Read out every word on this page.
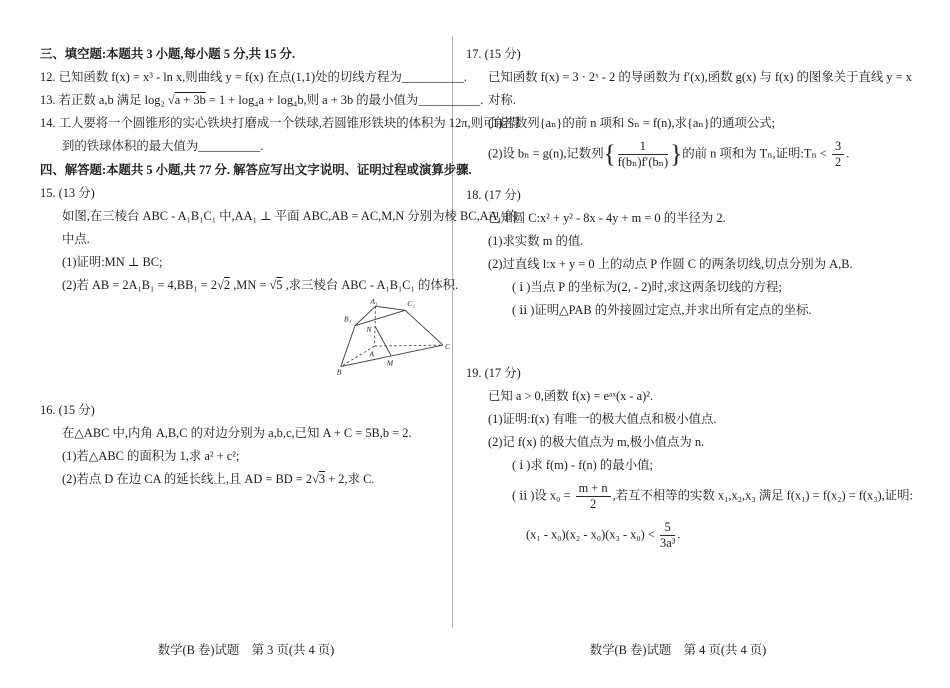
三、填空题:本题共 3 小题,每小题 5 分,共 15 分.
12. 已知函数 f(x) = x³ - ln x,则曲线 y = f(x) 在点(1,1)处的切线方程为__________.
13. 若正数 a,b 满足 log₂ √a + 3b = 1 + log₄a + log₄b,则 a + 3b 的最小值为__________.
14. 工人要将一个圆锥形的实心铁块打磨成一个铁球,若圆锥形铁块的体积为 12π,则可能得
到的铁球体积的最大值为__________.
四、解答题:本题共 5 小题,共 77 分. 解答应写出文字说明、证明过程或演算步骤.
15. (13 分)
如图,在三棱台 ABC - A₁B₁C₁ 中,AA₁ ⊥ 平面 ABC,AB = AC,M,N 分别为棱 BC,AA₁ 的
中点.
(1)证明:MN ⊥ BC;
(2)若 AB = 2A₁B₁ = 4,BB₁ = 2√2 ,MN = √5 ,求三棱台 ABC - A₁B₁C₁ 的体积.
16. (15 分)
在△ABC 中,内角 A,B,C 的对边分别为 a,b,c,已知 A + C = 5B,b = 2.
(1)若△ABC 的面积为 1,求 a² + c²;
(2)若点 D 在边 CA 的延长线上,且 AD = BD = 2√3 + 2,求 C.
17. (15 分)
已知函数 f(x) = 3 · 2ˣ - 2 的导函数为 f′(x),函数 g(x) 与 f(x) 的图象关于直线 y = x
对称.
(1)若数列{aₙ}的前 n 项和 Sₙ = f(n),求{aₙ}的通项公式;
(2)设 bₙ = g(n),记数列{ $\frac{1}{\text{f(bₙ)f′(bₙ)}}$ }的前 n 项和为 Tₙ,证明:Tₙ < $\frac{3}{2}$ .
18. (17 分)
已知圆 C:x² + y² - 8x - 4y + m = 0 的半径为 2.
(1)求实数 m 的值.
(2)过直线 l:x + y = 0 上的动点 P 作圆 C 的两条切线,切点分别为 A,B.
( ⅰ )当点 P 的坐标为(2, - 2)时,求这两条切线的方程;
( ⅱ )证明△PAB 的外接圆过定点,并求出所有定点的坐标.
19. (17 分)
已知 a > 0,函数 f(x) = eᵃˣ(x - a)².
(1)证明:f(x) 有唯一的极大值点和极小值点.
(2)记 f(x) 的极大值点为 m,极小值点为 n.
( ⅰ )求 f(m) - f(n) 的最小值;
( ⅱ )设 $x_0 = \frac{m + n}{2}$ ,若互不相等的实数 x₁,x₂,x₃ 满足 f(x₁) = f(x₂) = f(x₃),证明:
$(x_1 - x_0)(x_2 - x_0)(x_3 - x_0) < \frac{5}{\text{3a³}}$ .
A₁
B₁
C₁
N
A
M
B
C
数学(B 卷)试题　第 3 页(共 4 页)	数学(B 卷)试题　第 4 页(共 4 页)
